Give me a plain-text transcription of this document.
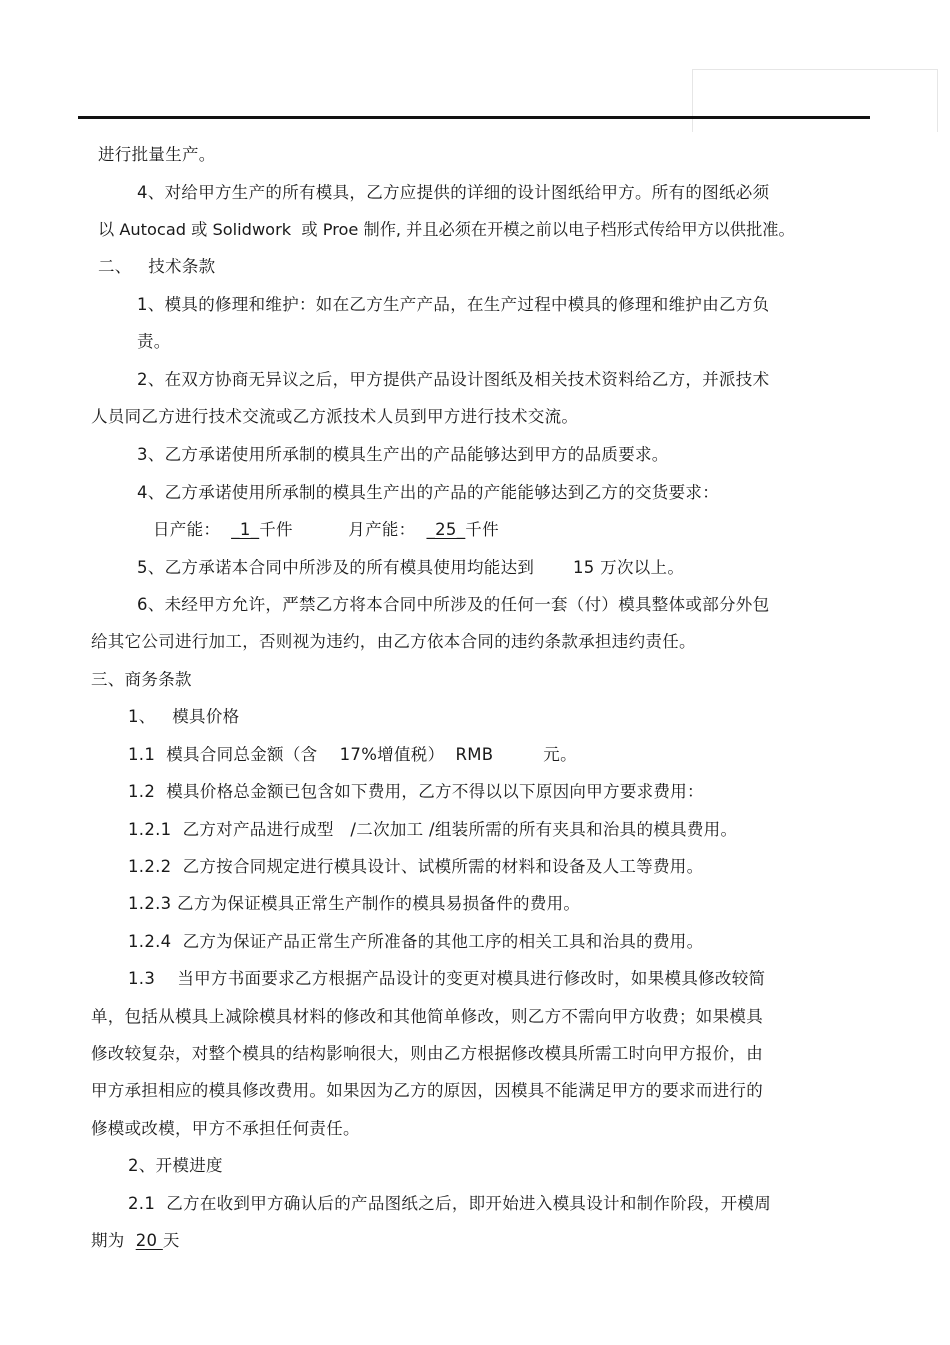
进行批量生产。
4、对给甲方生产的所有模具，乙方应提供的详细的设计图纸给甲方。所有的图纸必须
以 Autocad 或 Solidwork  或 Proe 制作, 并且必须在开模之前以电子档形式传给甲方以供批准。
二、   技术条款
1、模具的修理和维护：如在乙方生产产品，在生产过程中模具的修理和维护由乙方负
责。
2、在双方协商无异议之后，甲方提供产品设计图纸及相关技术资料给乙方，并派技术
人员同乙方进行技术交流或乙方派技术人员到甲方进行技术交流。
3、乙方承诺使用所承制的模具生产出的产品能够达到甲方的品质要求。
4、乙方承诺使用所承制的模具生产出的产品的产能能够达到乙方的交货要求：
日产能： _1_千件	月产能： _25_千件
5、乙方承诺本合同中所涉及的所有模具使用均能达到       15 万次以上。
6、未经甲方允许，严禁乙方将本合同中所涉及的任何一套（付）模具整体或部分外包
给其它公司进行加工，否则视为违约，由乙方依本合同的违约条款承担违约责任。
三、商务条款
1、   模具价格
1.1  模具合同总金额（含    17%增值税）  RMB         元。
1.2  模具价格总金额已包含如下费用，乙方不得以以下原因向甲方要求费用：
1.2.1  乙方对产品进行成型   /二次加工 /组装所需的所有夹具和治具的模具费用。
1.2.2  乙方按合同规定进行模具设计、试模所需的材料和设备及人工等费用。
1.2.3 乙方为保证模具正常生产制作的模具易损备件的费用。
1.2.4  乙方为保证产品正常生产所准备的其他工序的相关工具和治具的费用。
1.3    当甲方书面要求乙方根据产品设计的变更对模具进行修改时，如果模具修改较简
单，包括从模具上减除模具材料的修改和其他简单修改，则乙方不需向甲方收费；如果模具
修改较复杂，对整个模具的结构影响很大，则由乙方根据修改模具所需工时向甲方报价，由
甲方承担相应的模具修改费用。如果因为乙方的原因，因模具不能满足甲方的要求而进行的
修模或改模，甲方不承担任何责任。
2、开模进度
2.1  乙方在收到甲方确认后的产品图纸之后，即开始进入模具设计和制作阶段，开模周
期为 20 天
